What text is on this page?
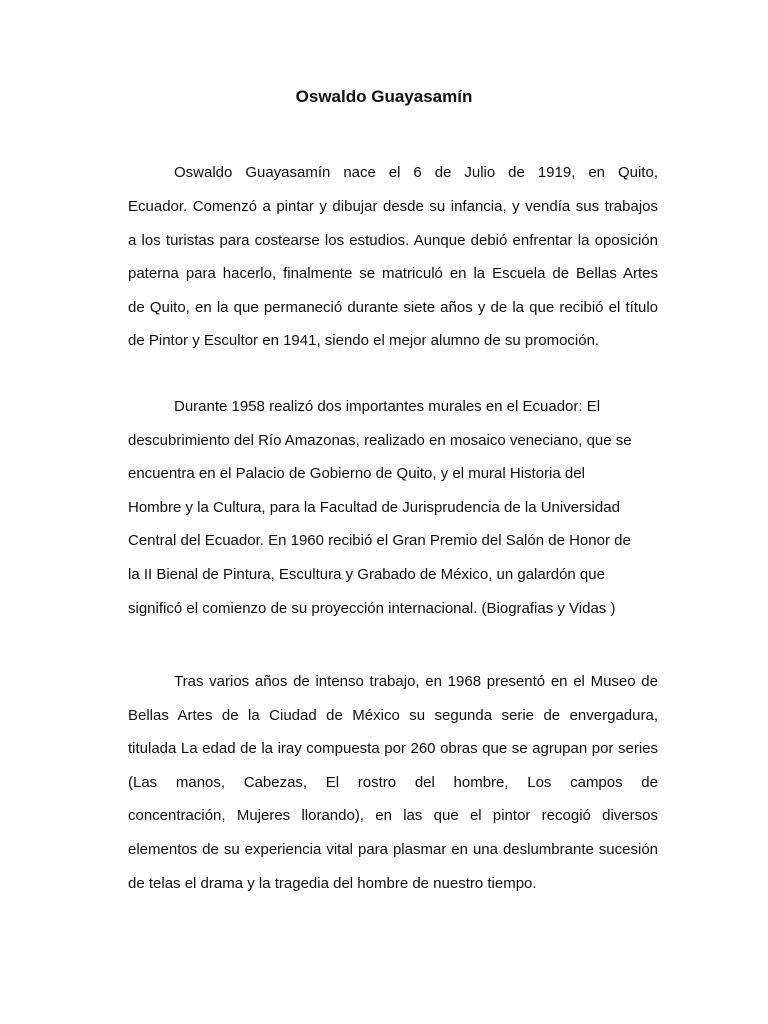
Oswaldo Guayasamín

Oswaldo Guayasamín nace el 6 de Julio de 1919, en Quito,

Ecuador. Comenzó a pintar y dibujar desde su infancia, y vendía sus trabajos

a los turistas para costearse los estudios. Aunque debió enfrentar la oposición

paterna para hacerlo, finalmente se matriculó en la Escuela de Bellas Artes

de Quito, en la que permaneció durante siete años y de la que recibió el título

de Pintor y Escultor en 1941, siendo el mejor alumno de su promoción.

Durante 1958 realizó dos importantes murales en el Ecuador: El

descubrimiento del Río Amazonas, realizado en mosaico veneciano, que se

encuentra en el Palacio de Gobierno de Quito, y el mural Historia del

Hombre y la Cultura, para la Facultad de Jurisprudencia de la Universidad

Central del Ecuador. En 1960 recibió el Gran Premio del Salón de Honor de

la II Bienal de Pintura, Escultura y Grabado de México, un galardón que

significó el comienzo de su proyección internacional. (Biografias y Vidas )

Tras varios años de intenso trabajo, en 1968 presentó en el Museo de

Bellas Artes de la Ciudad de México su segunda serie de envergadura,

titulada La edad de la iray compuesta por 260 obras que se agrupan por series

(Las manos, Cabezas, El rostro del hombre, Los campos de

concentración, Mujeres llorando), en las que el pintor recogió diversos

elementos de su experiencia vital para plasmar en una deslumbrante sucesión

de telas el drama y la tragedia del hombre de nuestro tiempo.
